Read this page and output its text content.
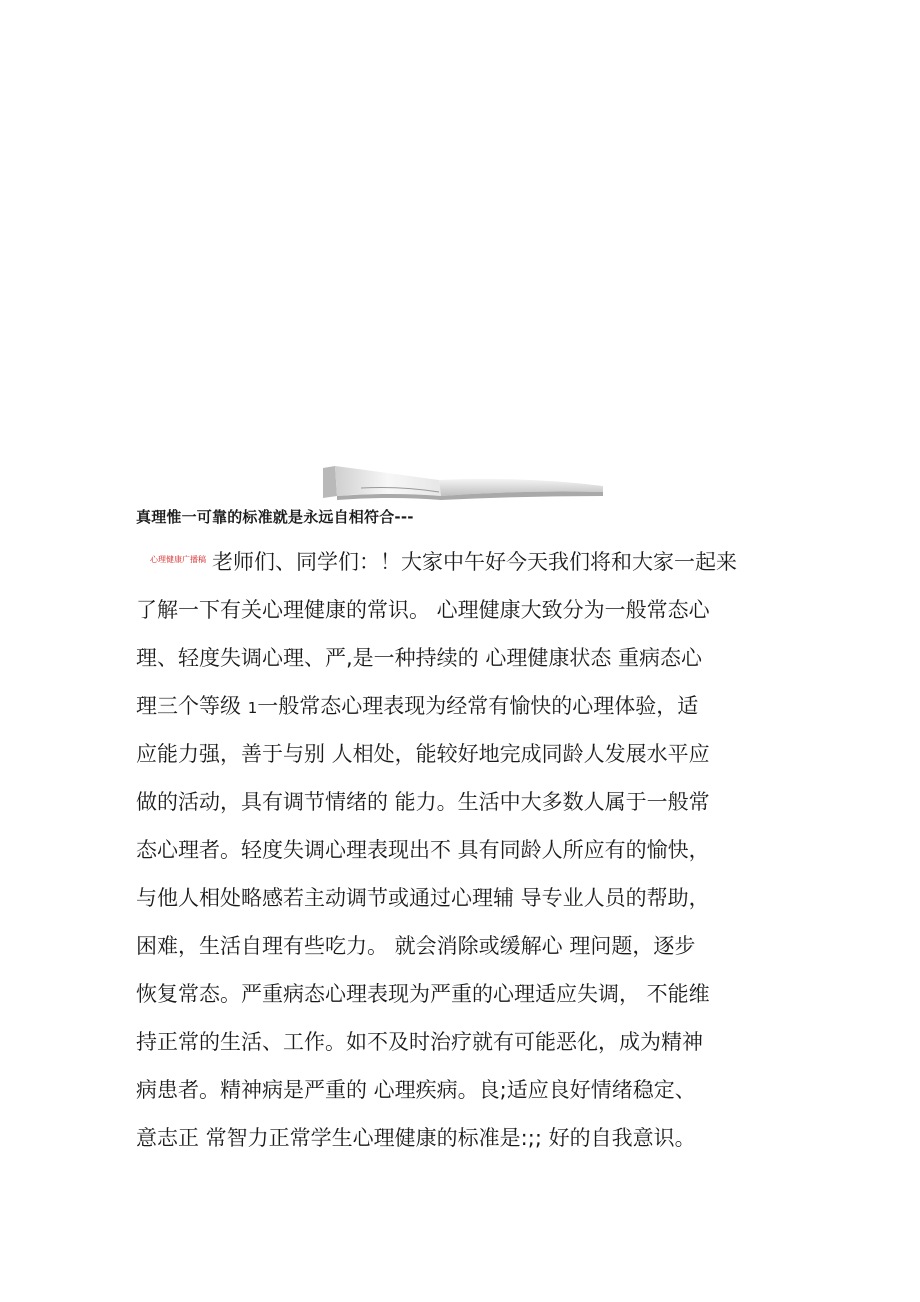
真理惟一可靠的标准就是永远自相符合---
心理健康广播稿 老师们、同学们：！大家中午好今天我们将和大家一起来
了解一下有关心理健康的常识。 心理健康大致分为一般常态心
理、轻度失调心理、严,是一种持续的 心理健康状态 重病态心
理三个等级 1一般常态心理表现为经常有愉快的心理体验，适
应能力强，善于与别 人相处，能较好地完成同龄人发展水平应
做的活动，具有调节情绪的 能力。生活中大多数人属于一般常
态心理者。轻度失调心理表现出不 具有同龄人所应有的愉快，
与他人相处略感若主动调节或通过心理辅 导专业人员的帮助，
困难，生活自理有些吃力。 就会消除或缓解心 理问题，逐步
恢复常态。严重病态心理表现为严重的心理适应失调， 不能维
持正常的生活、工作。如不及时治疗就有可能恶化，成为精神
病患者。精神病是严重的 心理疾病。良;适应良好情绪稳定、
意志正 常智力正常学生心理健康的标准是:;; 好的自我意识。
